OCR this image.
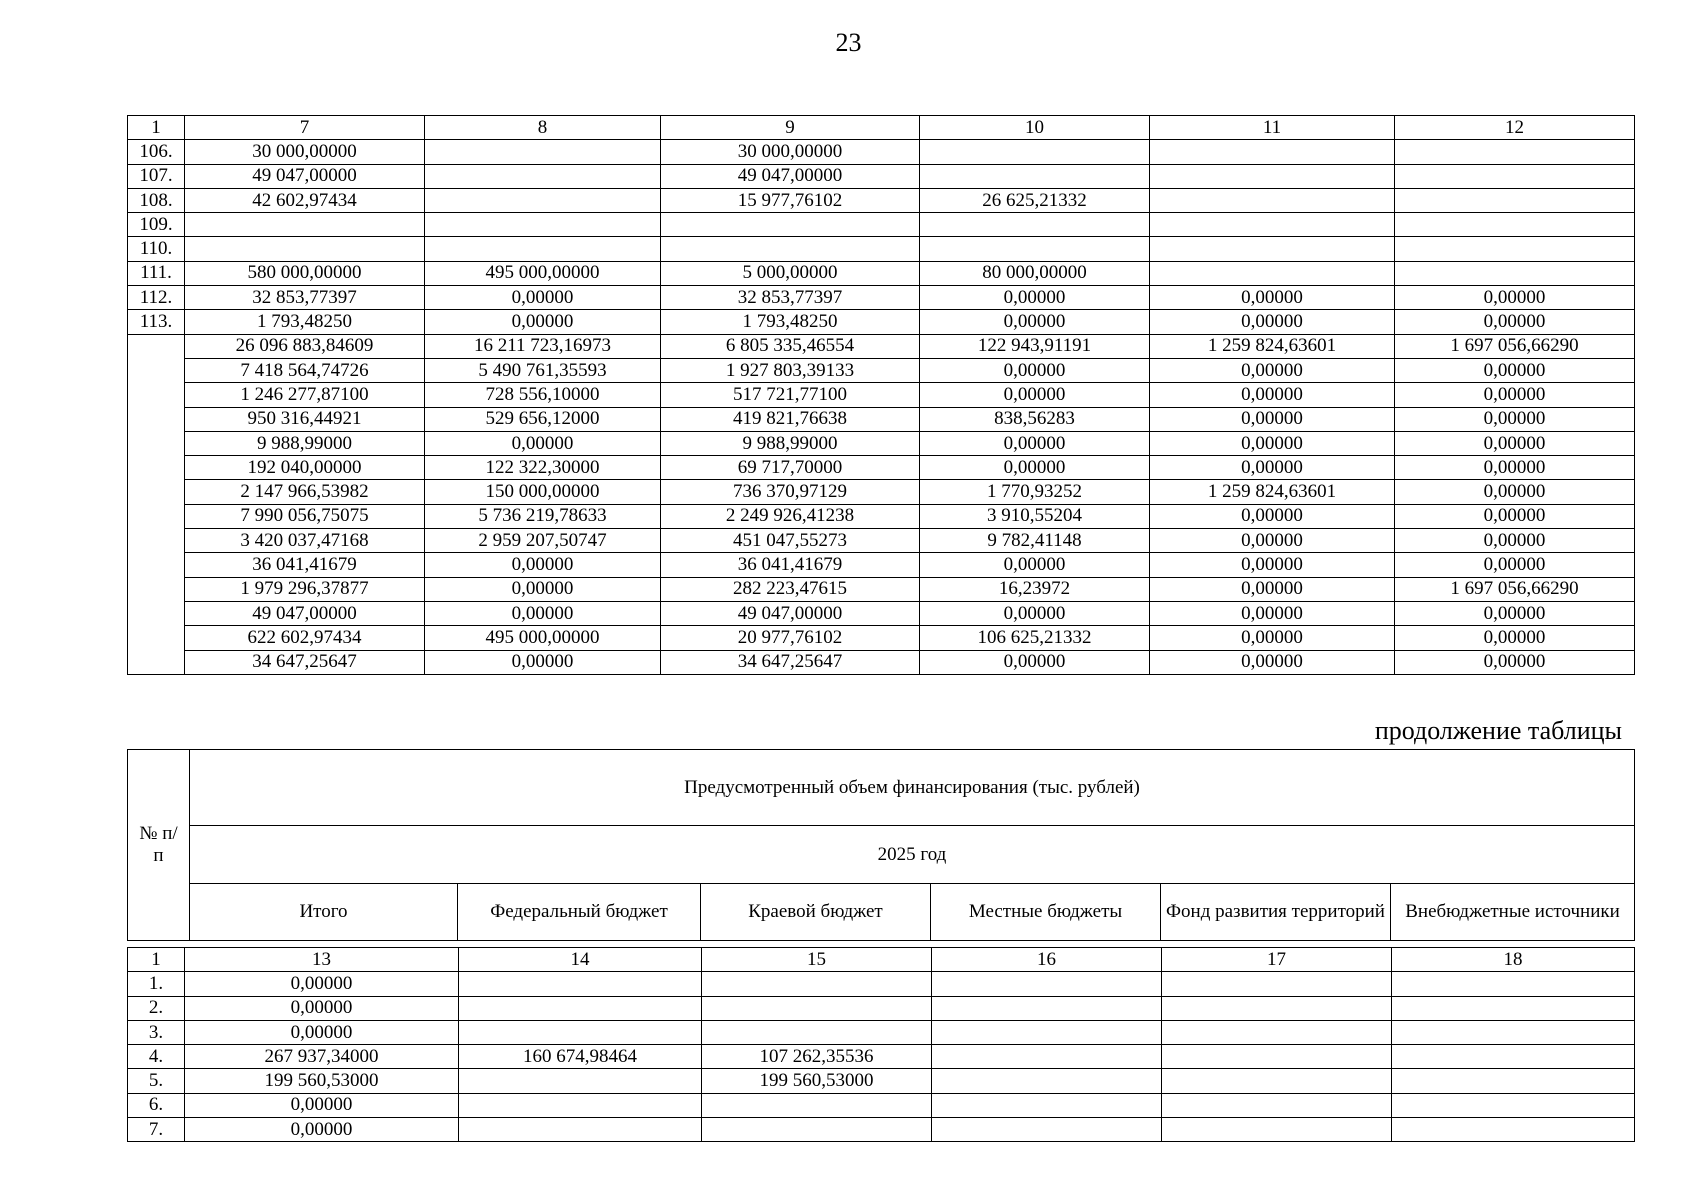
23
1	7	8	9	10	11	12
106.	30 000,00000		30 000,00000			
107.	49 047,00000		49 047,00000			
108.	42 602,97434		15 977,76102	26 625,21332		
109.						
110.						
111.	580 000,00000	495 000,00000	5 000,00000	80 000,00000		
112.	32 853,77397	0,00000	32 853,77397	0,00000	0,00000	0,00000
113.	1 793,48250	0,00000	1 793,48250	0,00000	0,00000	0,00000
	26 096 883,84609	16 211 723,16973	6 805 335,46554	122 943,91191	1 259 824,63601	1 697 056,66290
	7 418 564,74726	5 490 761,35593	1 927 803,39133	0,00000	0,00000	0,00000
	1 246 277,87100	728 556,10000	517 721,77100	0,00000	0,00000	0,00000
	950 316,44921	529 656,12000	419 821,76638	838,56283	0,00000	0,00000
	9 988,99000	0,00000	9 988,99000	0,00000	0,00000	0,00000
	192 040,00000	122 322,30000	69 717,70000	0,00000	0,00000	0,00000
	2 147 966,53982	150 000,00000	736 370,97129	1 770,93252	1 259 824,63601	0,00000
	7 990 056,75075	5 736 219,78633	2 249 926,41238	3 910,55204	0,00000	0,00000
	3 420 037,47168	2 959 207,50747	451 047,55273	9 782,41148	0,00000	0,00000
	36 041,41679	0,00000	36 041,41679	0,00000	0,00000	0,00000
	1 979 296,37877	0,00000	282 223,47615	16,23972	0,00000	1 697 056,66290
	49 047,00000	0,00000	49 047,00000	0,00000	0,00000	0,00000
	622 602,97434	495 000,00000	20 977,76102	106 625,21332	0,00000	0,00000
	34 647,25647	0,00000	34 647,25647	0,00000	0,00000	0,00000
продолжение таблицы
№ п/п	Предусмотренный объем финансирования (тыс. рублей)					
	2025 год					
	Итого	Федеральный бюджет	Краевой бюджет	Местные бюджеты	Фонд развития территорий	Внебюджетные источники
1	13	14	15	16	17	18
1.	0,00000					
2.	0,00000					
3.	0,00000					
4.	267 937,34000	160 674,98464	107 262,35536			
5.	199 560,53000		199 560,53000			
6.	0,00000					
7.	0,00000					
